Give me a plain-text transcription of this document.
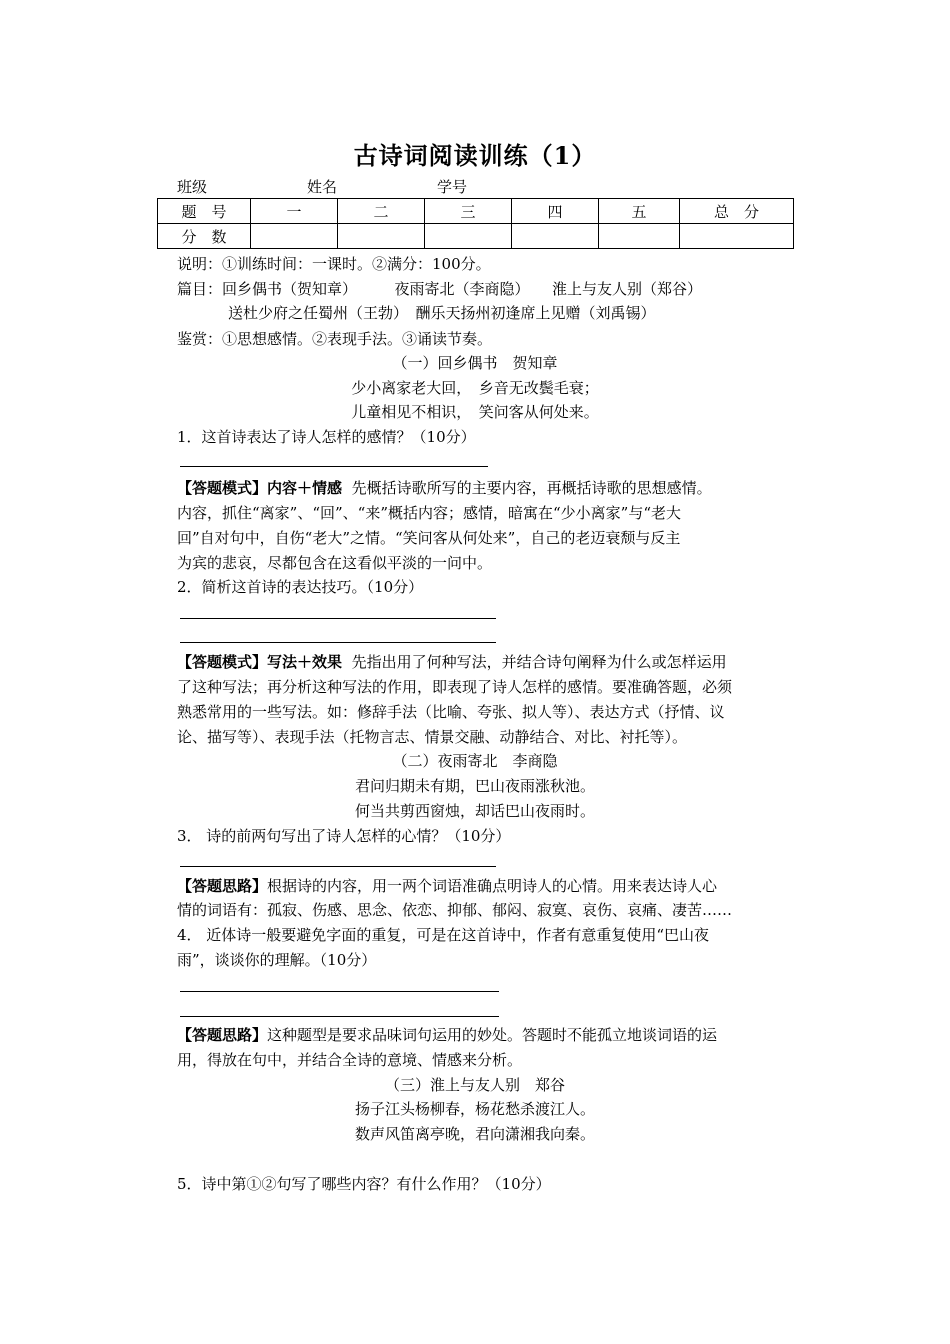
古诗词阅读训练（1）
班级	姓名	学号
题　号	一	二	三	四	五	总　分
分　数						
说明：①训练时间：一课时。②满分：100分。
篇目：回乡偶书（贺知章）　　　夜雨寄北（李商隐）　　淮上与友人别（郑谷）
送杜少府之任蜀州（王勃）　酬乐天扬州初逢席上见赠（刘禹锡）
鉴赏：①思想感情。②表现手法。③诵读节奏。
（一）回乡偶书　贺知章
少小离家老大回，　乡音无改鬓毛衰；
儿童相见不相识，　笑问客从何处来。
1．这首诗表达了诗人怎样的感情？（10分）
【答题模式】内容＋情感 先概括诗歌所写的主要内容，再概括诗歌的思想感情。
内容，抓住“离家”、“回”、“来”概括内容；感情，暗寓在“少小离家”与“老大
回”自对句中，自伤“老大”之情。“笑问客从何处来”，自己的老迈衰颓与反主
为宾的悲哀，尽都包含在这看似平淡的一问中。
2．简析这首诗的表达技巧。（10分）
【答题模式】写法＋效果 先指出用了何种写法，并结合诗句阐释为什么或怎样运用
了这种写法；再分析这种写法的作用，即表现了诗人怎样的感情。要准确答题，必须
熟悉常用的一些写法。如：修辞手法（比喻、夸张、拟人等）、表达方式（抒情、议
论、描写等）、表现手法（托物言志、情景交融、动静结合、对比、衬托等）。
（二）夜雨寄北　李商隐
君问归期未有期，巴山夜雨涨秋池。
何当共剪西窗烛，却话巴山夜雨时。
3． 诗的前两句写出了诗人怎样的心情？（10分）
【答题思路】根据诗的内容，用一两个词语准确点明诗人的心情。用来表达诗人心
情的词语有：孤寂、伤感、思念、依恋、抑郁、郁闷、寂寞、哀伤、哀痛、凄苦……
4． 近体诗一般要避免字面的重复，可是在这首诗中，作者有意重复使用“巴山夜
雨”，谈谈你的理解。（10分）
【答题思路】这种题型是要求品味词句运用的妙处。答题时不能孤立地谈词语的运
用，得放在句中，并结合全诗的意境、情感来分析。
（三）淮上与友人别　郑谷
扬子江头杨柳春，杨花愁杀渡江人。
数声风笛离亭晚，君向潇湘我向秦。
5．诗中第①②句写了哪些内容？有什么作用？（10分）
